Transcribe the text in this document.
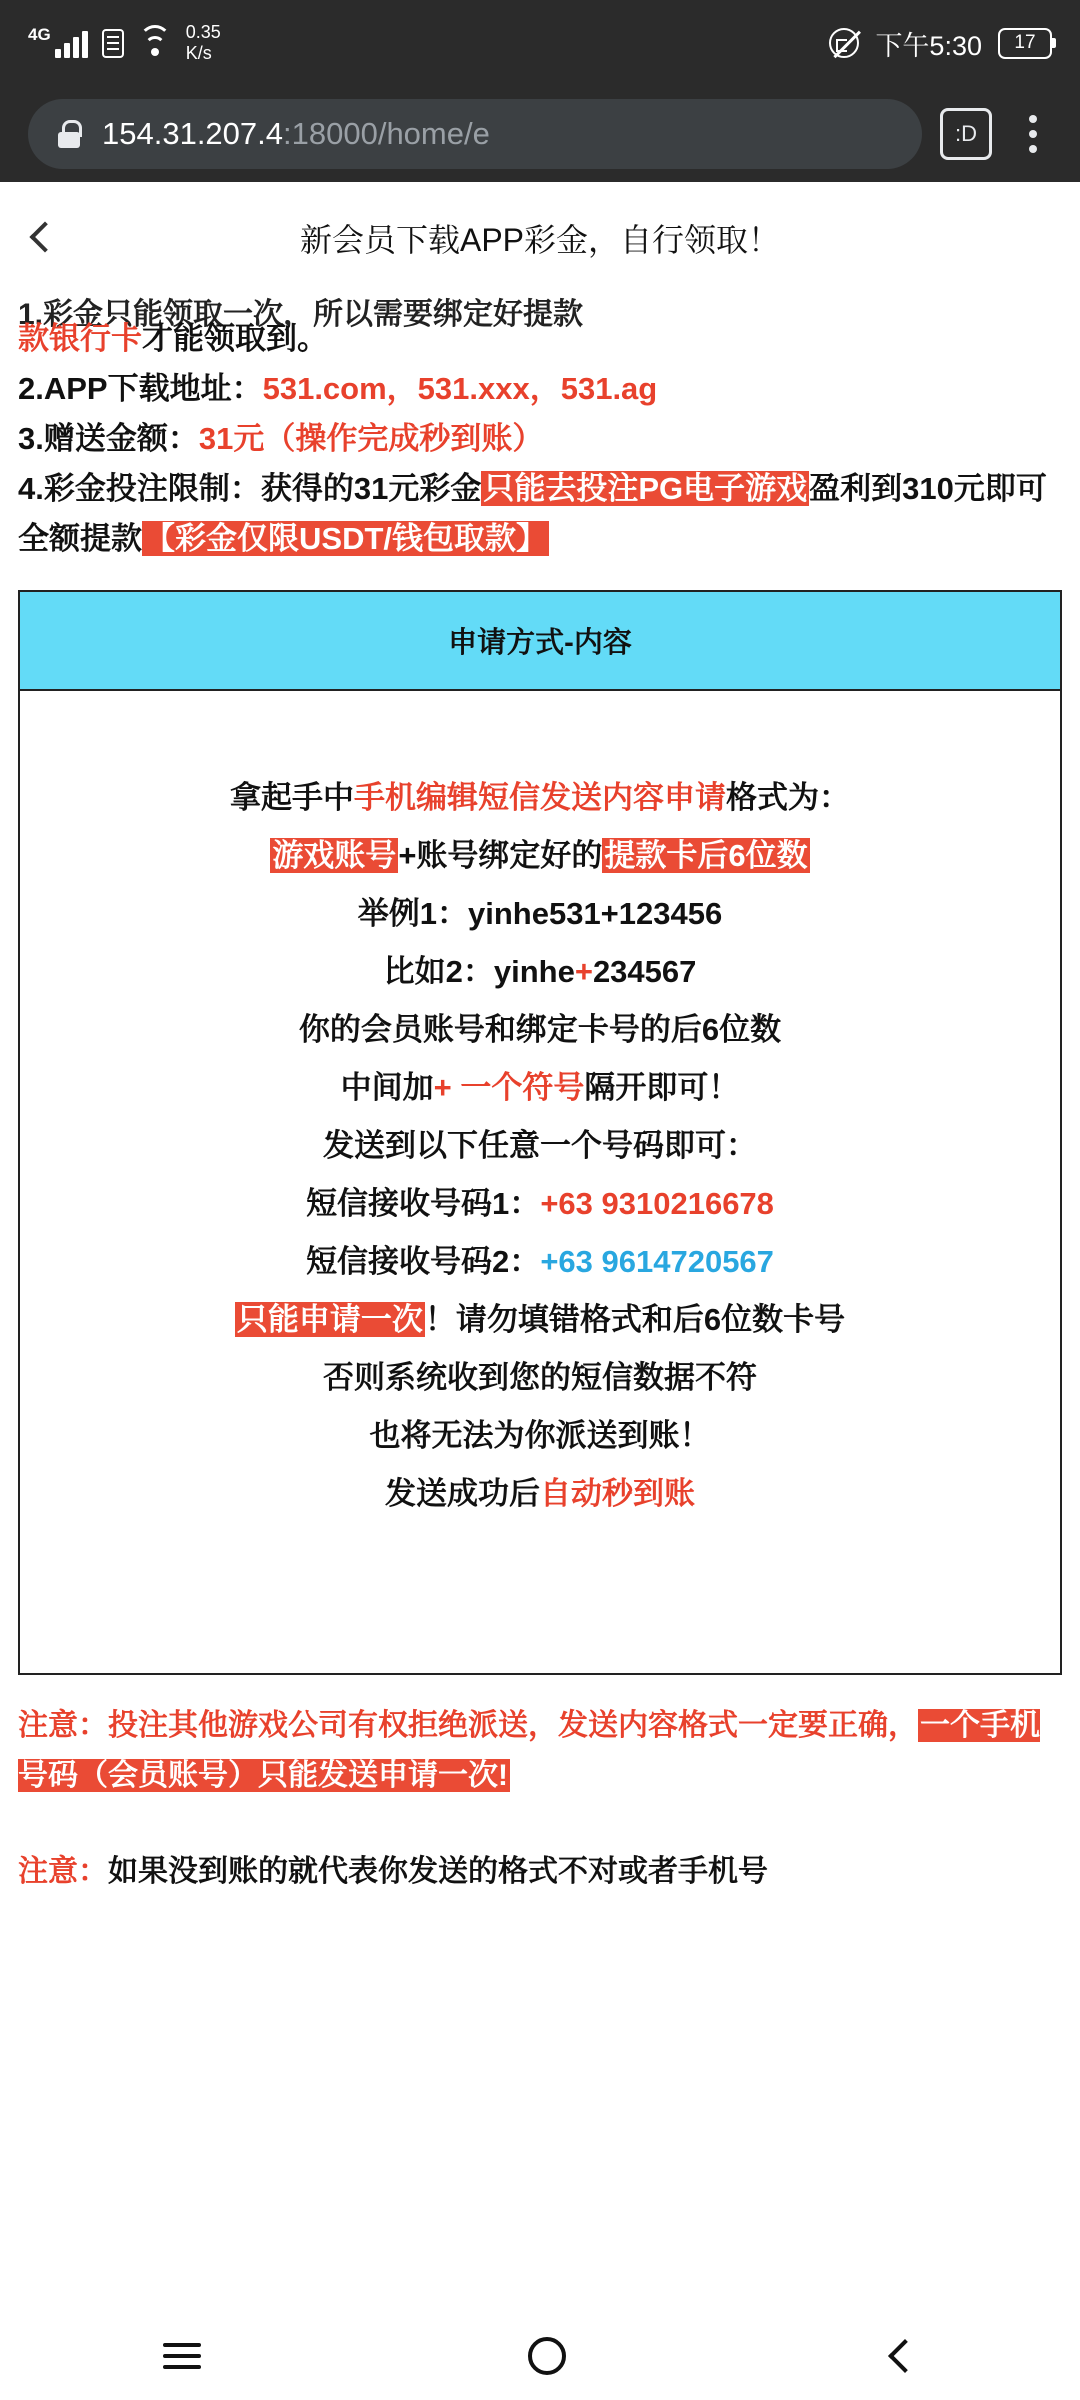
4G	0.35
K/s	下午5:30	17
154.31.207.4:18000/home/e	:D
新会员下载APP彩金，自行领取！
1.彩金只能领取一次，所以需要绑定好提款
款银行卡才能领取到。
2.APP下载地址：531.com，531.xxx，531.ag
3.赠送金额：31元（操作完成秒到账）
4.彩金投注限制：获得的31元彩金只能去投注PG电子游戏盈利到310元即可全额提款【彩金仅限USDT/钱包取款】
申请方式-内容

拿起手中手机编辑短信发送内容申请格式为：

游戏账号+账号绑定好的提款卡后6位数

举例1：yinhe531+123456

比如2：yinhe+234567

你的会员账号和绑定卡号的后6位数

中间加+ 一个符号隔开即可！

发送到以下任意一个号码即可：

短信接收号码1：+63 9310216678

短信接收号码2：+63 9614720567

只能申请一次！请勿填错格式和后6位数卡号

否则系统收到您的短信数据不符

也将无法为你派送到账！

发送成功后自动秒到账

注意：投注其他游戏公司有权拒绝派送，发送内容格式一定要正确，一个手机号码（会员账号）只能发送申请一次!
注意：如果没到账的就代表你发送的格式不对或者手机号
